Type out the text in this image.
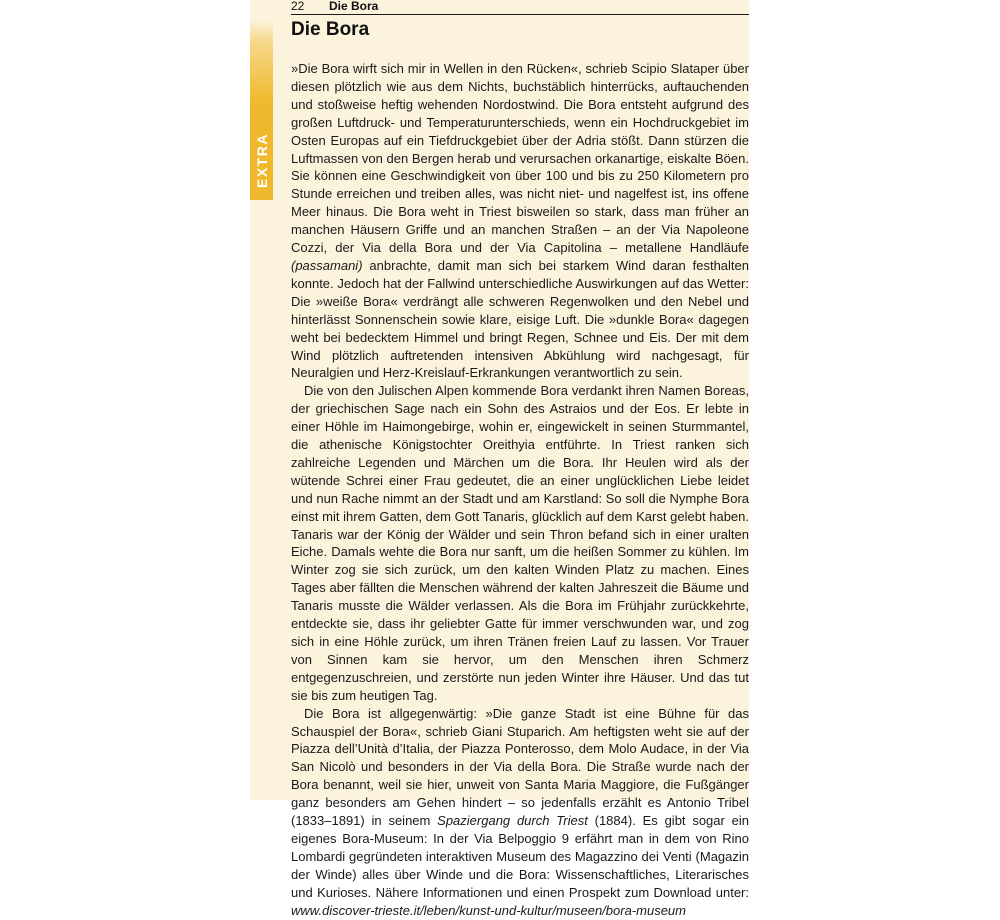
EXTRA
22 Die Bora
Die Bora

»Die Bora wirft sich mir in Wellen in den Rücken«, schrieb Scipio Slataper über diesen plötzlich wie aus dem Nichts, buchstäblich hinterrücks, auftauchenden und stoßweise heftig wehenden Nordostwind. Die Bora entsteht aufgrund des großen Luftdruck- und Temperaturunterschieds, wenn ein Hochdruckgebiet im Osten Europas auf ein Tiefdruckgebiet über der Adria stößt. Dann stürzen die Luftmassen von den Bergen herab und verursachen orkanartige, eiskalte Böen. Sie können eine Geschwindigkeit von über 100 und bis zu 250 Kilometern pro Stunde erreichen und treiben alles, was nicht niet- und nagelfest ist, ins offene Meer hinaus. Die Bora weht in Triest bisweilen so stark, dass man früher an manchen Häusern Griffe und an manchen Straßen – an der Via Napoleone Cozzi, der Via della Bora und der Via Capitolina – metallene Handläufe (passamani) anbrachte, damit man sich bei starkem Wind daran festhalten konnte. Jedoch hat der Fallwind unterschiedliche Auswirkungen auf das Wetter: Die »weiße Bora« verdrängt alle schweren Regenwolken und den Nebel und hinterlässt Sonnenschein sowie klare, eisige Luft. Die »dunkle Bora« dagegen weht bei bedecktem Himmel und bringt Regen, Schnee und Eis. Der mit dem Wind plötzlich auftretenden intensiven Abkühlung wird nachgesagt, für Neuralgien und Herz-Kreislauf-Erkrankungen verantwortlich zu sein.

Die von den Julischen Alpen kommende Bora verdankt ihren Namen Boreas, der griechischen Sage nach ein Sohn des Astraios und der Eos. Er lebte in einer Höhle im Haimongebirge, wohin er, eingewickelt in seinen Sturmmantel, die athenische Königstochter Oreithyia entführte. In Triest ranken sich zahlreiche Legenden und Märchen um die Bora. Ihr Heulen wird als der wütende Schrei einer Frau gedeutet, die an einer unglücklichen Liebe leidet und nun Rache nimmt an der Stadt und am Karstland: So soll die Nymphe Bora einst mit ihrem Gatten, dem Gott Tanaris, glücklich auf dem Karst gelebt haben. Tanaris war der König der Wälder und sein Thron befand sich in einer uralten Eiche. Damals wehte die Bora nur sanft, um die heißen Sommer zu kühlen. Im Winter zog sie sich zurück, um den kalten Winden Platz zu machen. Eines Tages aber fällten die Menschen während der kalten Jahreszeit die Bäume und Tanaris musste die Wälder verlassen. Als die Bora im Frühjahr zurückkehrte, entdeckte sie, dass ihr geliebter Gatte für immer verschwunden war, und zog sich in eine Höhle zurück, um ihren Tränen freien Lauf zu lassen. Vor Trauer von Sinnen kam sie hervor, um den Menschen ihren Schmerz entgegenzuschreien, und zerstörte nun jeden Winter ihre Häuser. Und das tut sie bis zum heutigen Tag.

Die Bora ist allgegenwärtig: »Die ganze Stadt ist eine Bühne für das Schauspiel der Bora«, schrieb Giani Stuparich. Am heftigsten weht sie auf der Piazza dell’Unità d’Italia, der Piazza Ponterosso, dem Molo Audace, in der Via San Nicolò und besonders in der Via della Bora. Die Straße wurde nach der Bora benannt, weil sie hier, unweit von Santa Maria Maggiore, die Fußgänger ganz besonders am Gehen hindert – so jedenfalls erzählt es Antonio Tribel (1833–1891) in seinem Spaziergang durch Triest (1884). Es gibt sogar ein eigenes Bora-Museum: In der Via Belpoggio 9 erfährt man in dem von Rino Lombardi gegründeten interaktiven Museum des Magazzino dei Venti (Magazin der Winde) alles über Winde und die Bora: Wissenschaftliches, Literarisches und Kurioses. Nähere Informationen und einen Prospekt zum Download unter: www.discover-trieste.it/leben/kunst-und-kultur/museen/bora-museum
